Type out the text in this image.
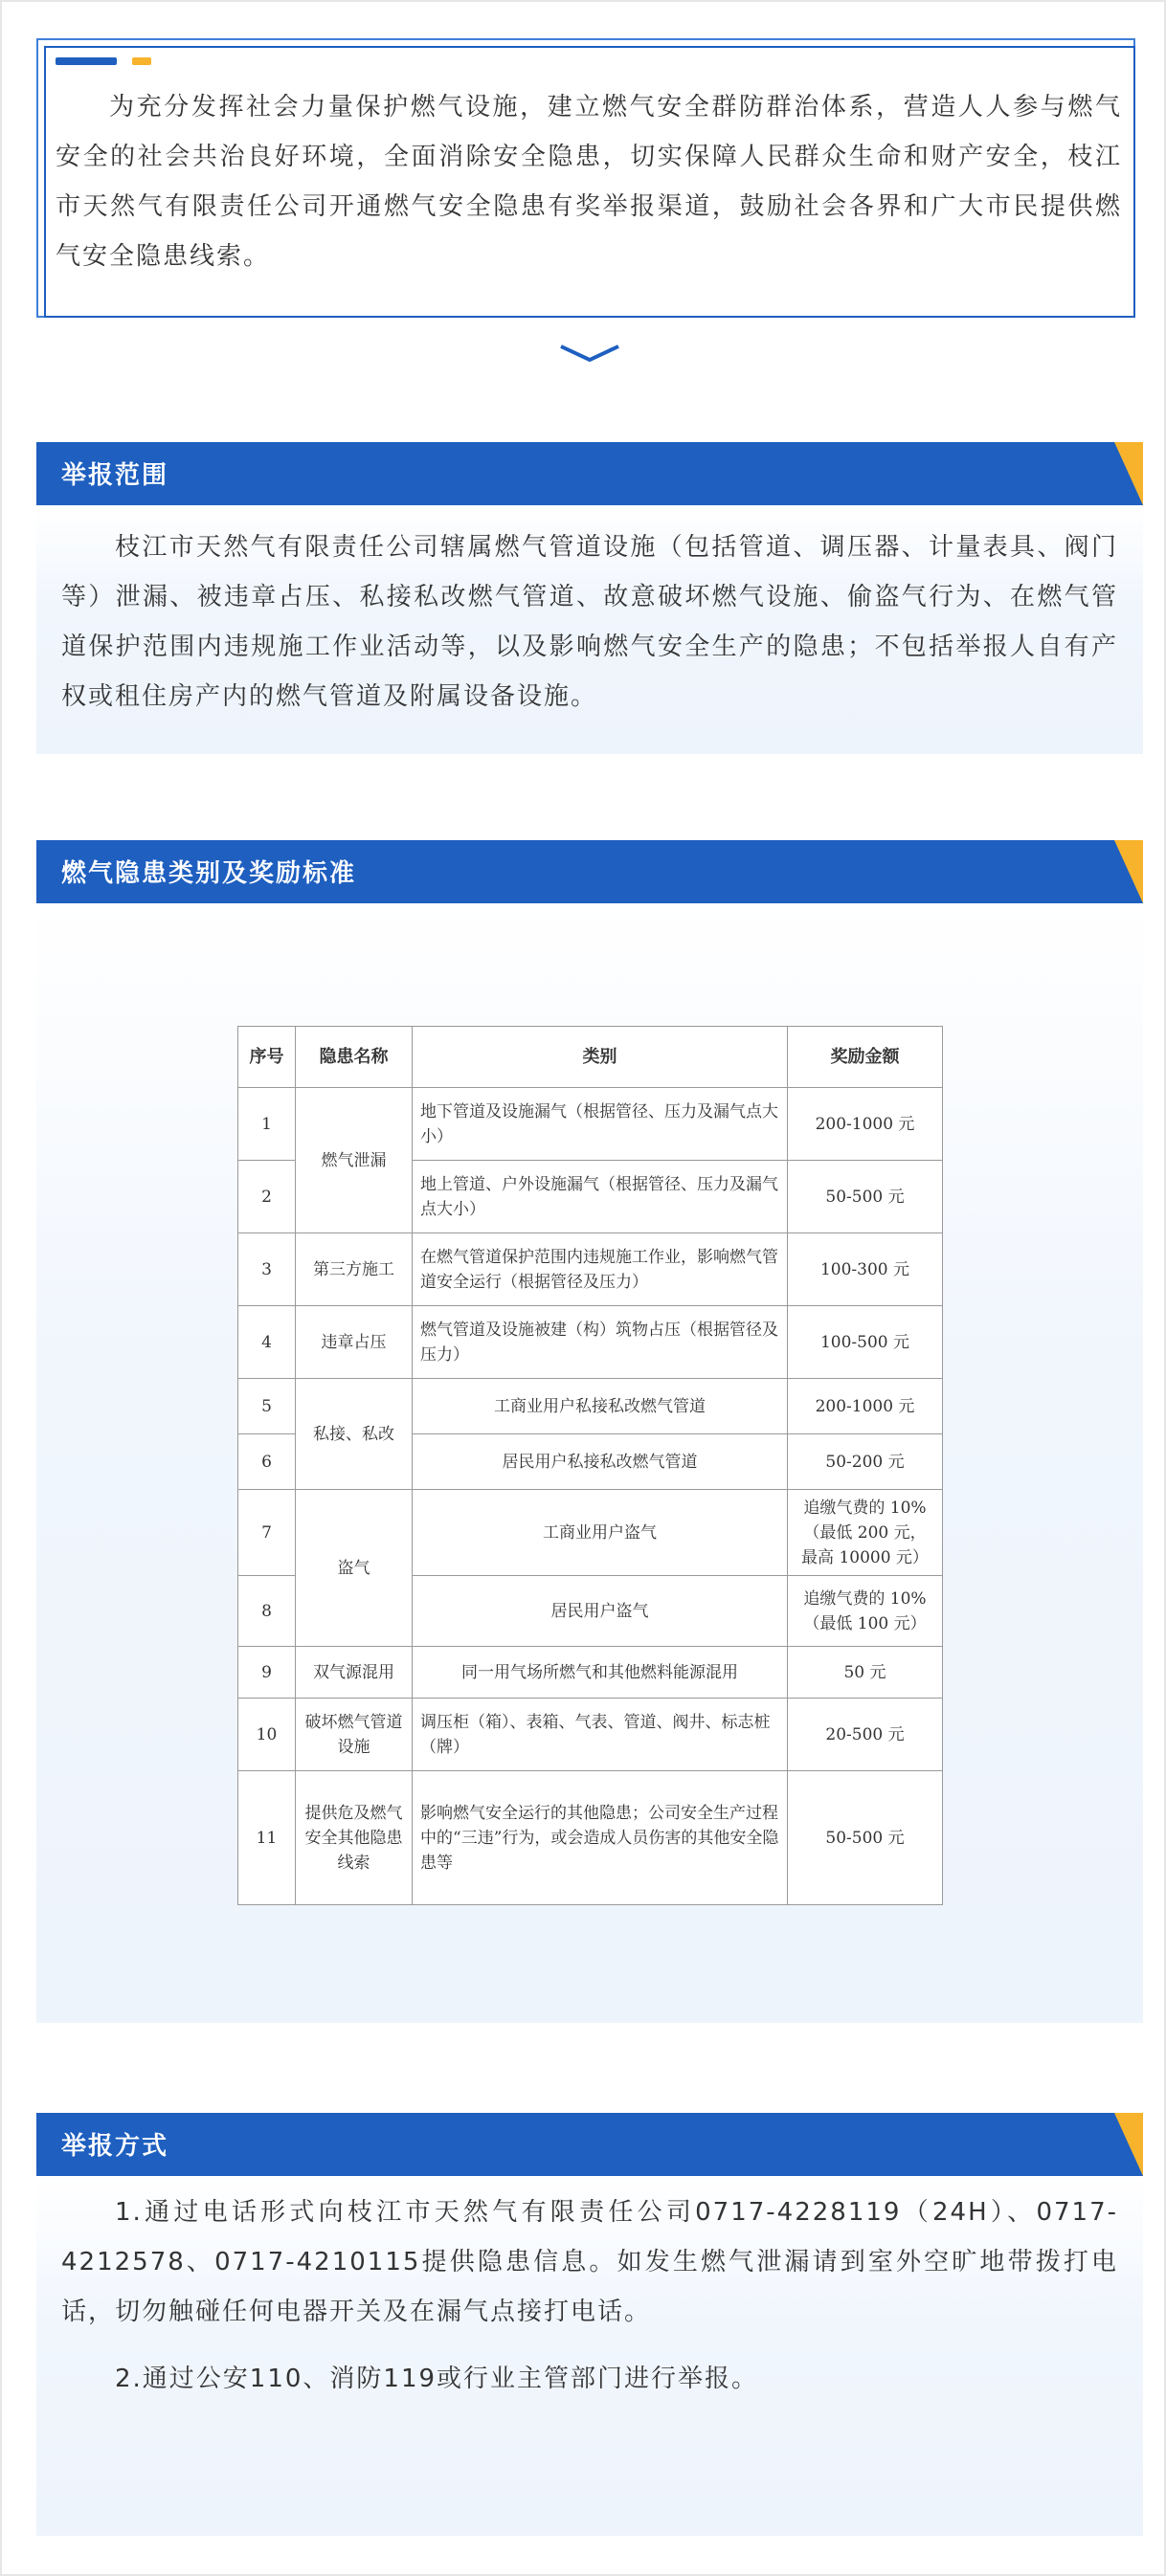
为充分发挥社会力量保护燃气设施，建立燃气安全群防群治体系，营造人人参与燃气安全的社会共治良好环境，全面消除安全隐患，切实保障人民群众生命和财产安全，枝江市天然气有限责任公司开通燃气安全隐患有奖举报渠道，鼓励社会各界和广大市民提供燃气安全隐患线索。

举报范围

枝江市天然气有限责任公司辖属燃气管道设施（包括管道、调压器、计量表具、阀门等）泄漏、被违章占压、私接私改燃气管道、故意破坏燃气设施、偷盗气行为、在燃气管道保护范围内违规施工作业活动等，以及影响燃气安全生产的隐患；不包括举报人自有产权或租住房产内的燃气管道及附属设备设施。

燃气隐患类别及奖励标准
序号	隐患名称	类别	奖励金额
1	燃气泄漏	地下管道及设施漏气（根据管径、压力及漏气点大小）	200-1000 元
2		地上管道、户外设施漏气（根据管径、压力及漏气点大小）	50-500 元
3	第三方施工	在燃气管道保护范围内违规施工作业，影响燃气管道安全运行（根据管径及压力）	100-300 元
4	违章占压	燃气管道及设施被建（构）筑物占压（根据管径及压力）	100-500 元
5	私接、私改	工商业用户私接私改燃气管道	200-1000 元
6		居民用户私接私改燃气管道	50-200 元
7	盗气	工商业用户盗气	追缴气费的 10%（最低 200 元，最高 10000 元）
8		居民用户盗气	追缴气费的 10%（最低 100 元）
9	双气源混用	同一用气场所燃气和其他燃料能源混用	50 元
10	破坏燃气管道设施	调压柜（箱）、表箱、气表、管道、阀井、标志桩（牌）	20-500 元
11	提供危及燃气安全其他隐患线索	影响燃气安全运行的其他隐患；公司安全生产过程中的“三违”行为，或会造成人员伤害的其他安全隐患等	50-500 元
举报方式

1.通过电话形式向枝江市天然气有限责任公司0717-4228119（24H）、0717-4212578、0717-4210115提供隐患信息。如发生燃气泄漏请到室外空旷地带拨打电话，切勿触碰任何电器开关及在漏气点接打电话。

2.通过公安110、消防119或行业主管部门进行举报。
